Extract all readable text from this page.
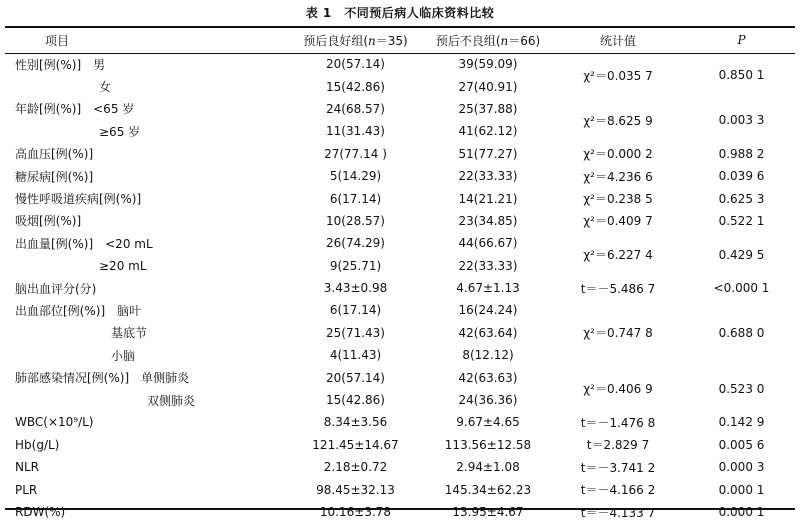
表 1　不同预后病人临床资料比较
项目	预后良好组(n＝35)	预后不良组(n＝66)	统计值	P
性别[例(%)]　男	20(57.14)	39(59.09)	χ²＝0.035 7	0.850 1
　　　　　　　女	15(42.86)	27(40.91)		
年龄[例(%)]　<65 岁	24(68.57)	25(37.88)	χ²＝8.625 9	0.003 3
　　　　　　　≥65 岁	11(31.43)	41(62.12)		
高血压[例(%)]	27(77.14 )	51(77.27)	χ²＝0.000 2	0.988 2
糖尿病[例(%)]	5(14.29)	22(33.33)	χ²＝4.236 6	0.039 6
慢性呼吸道疾病[例(%)]	6(17.14)	14(21.21)	χ²＝0.238 5	0.625 3
吸烟[例(%)]	10(28.57)	23(34.85)	χ²＝0.409 7	0.522 1
出血量[例(%)]　<20 mL	26(74.29)	44(66.67)	χ²＝6.227 4	0.429 5
　　　　　　　≥20 mL	9(25.71)	22(33.33)		
脑出血评分(分)	3.43±0.98	4.67±1.13	t＝－5.486 7	<0.000 1
出血部位[例(%)]　脑叶	6(17.14)	16(24.24)	χ²＝0.747 8	0.688 0
　　　　　　　　基底节	25(71.43)	42(63.64)		
　　　　　　　　小脑	4(11.43)	8(12.12)		
肺部感染情况[例(%)]　单侧肺炎	20(57.14)	42(63.63)	χ²＝0.406 9	0.523 0
　　　　　　　　　　　双侧肺炎	15(42.86)	24(36.36)		
WBC(×10⁹/L)	8.34±3.56	9.67±4.65	t＝－1.476 8	0.142 9
Hb(g/L)	121.45±14.67	113.56±12.58	t＝2.829 7	0.005 6
NLR	2.18±0.72	2.94±1.08	t＝－3.741 2	0.000 3
PLR	98.45±32.13	145.34±62.23	t＝－4.166 2	0.000 1
RDW(%)	10.16±3.78	13.95±4.67	t＝－4.133 7	0.000 1
